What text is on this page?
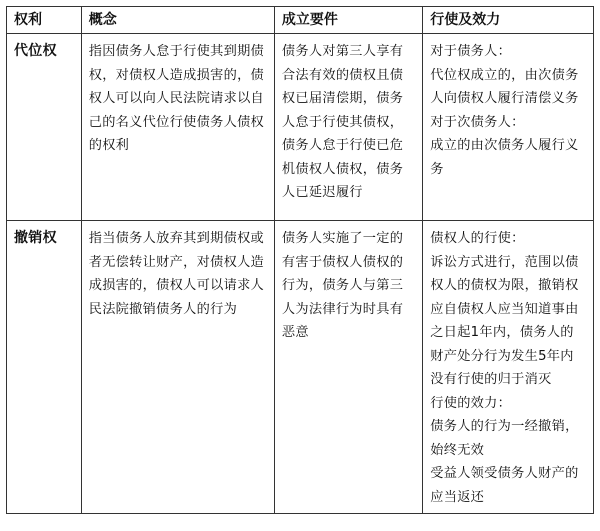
权利	概念	成立要件	行使及效力
代位权	指因债务人怠于行使其到期债权，对债权人造成损害的，债权人可以向人民法院请求以自己的名义代位行使债务人债权的权利	债务人对第三人享有合法有效的债权且债权已届清偿期，债务人怠于行使其债权，债务人怠于行使已危机债权人债权，债务人已延迟履行	对于债务人：
代位权成立的，由次债务人向债权人履行清偿义务
对于次债务人：
成立的由次债务人履行义务

撤销权	指当债务人放弃其到期债权或者无偿转让财产，对债权人造成损害的，债权人可以请求人民法院撤销债务人的行为	债务人实施了一定的有害于债权人债权的行为，债务人与第三人为法律行为时具有恶意	债权人的行使：
诉讼方式进行，范围以债权人的债权为限，撤销权应自债权人应当知道事由之日起1年内，债务人的财产处分行为发生5年内没有行使的归于消灭
行使的效力：
债务人的行为一经撤销，始终无效
受益人领受债务人财产的应当返还
